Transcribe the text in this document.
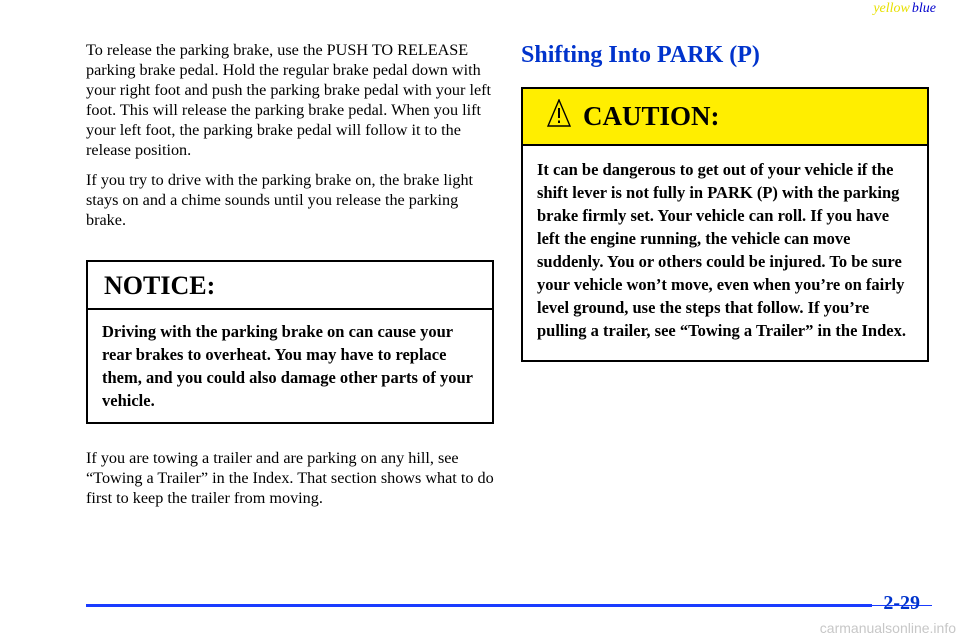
yellow blue

To release the parking brake, use the PUSH TO RELEASE parking brake pedal. Hold the regular brake pedal down with your right foot and push the parking brake pedal with your left foot. This will release the parking brake pedal. When you lift your left foot, the parking brake pedal will follow it to the release position.

If you try to drive with the parking brake on, the brake light stays on and a chime sounds until you release the parking brake.

NOTICE:
Driving with the parking brake on can cause your rear brakes to overheat. You may have to replace them, and you could also damage other parts of your vehicle.

If you are towing a trailer and are parking on any hill, see “Towing a Trailer” in the Index. That section shows what to do first to keep the trailer from moving.

Shifting Into PARK (P)
CAUTION:
It can be dangerous to get out of your vehicle if the shift lever is not fully in PARK (P) with the parking brake firmly set. Your vehicle can roll. If you have left the engine running, the vehicle can move suddenly. You or others could be injured. To be sure your vehicle won’t move, even when you’re on fairly level ground, use the steps that follow. If you’re pulling a trailer, see “Towing a Trailer” in the Index.
2-29
carmanualsonline.info
